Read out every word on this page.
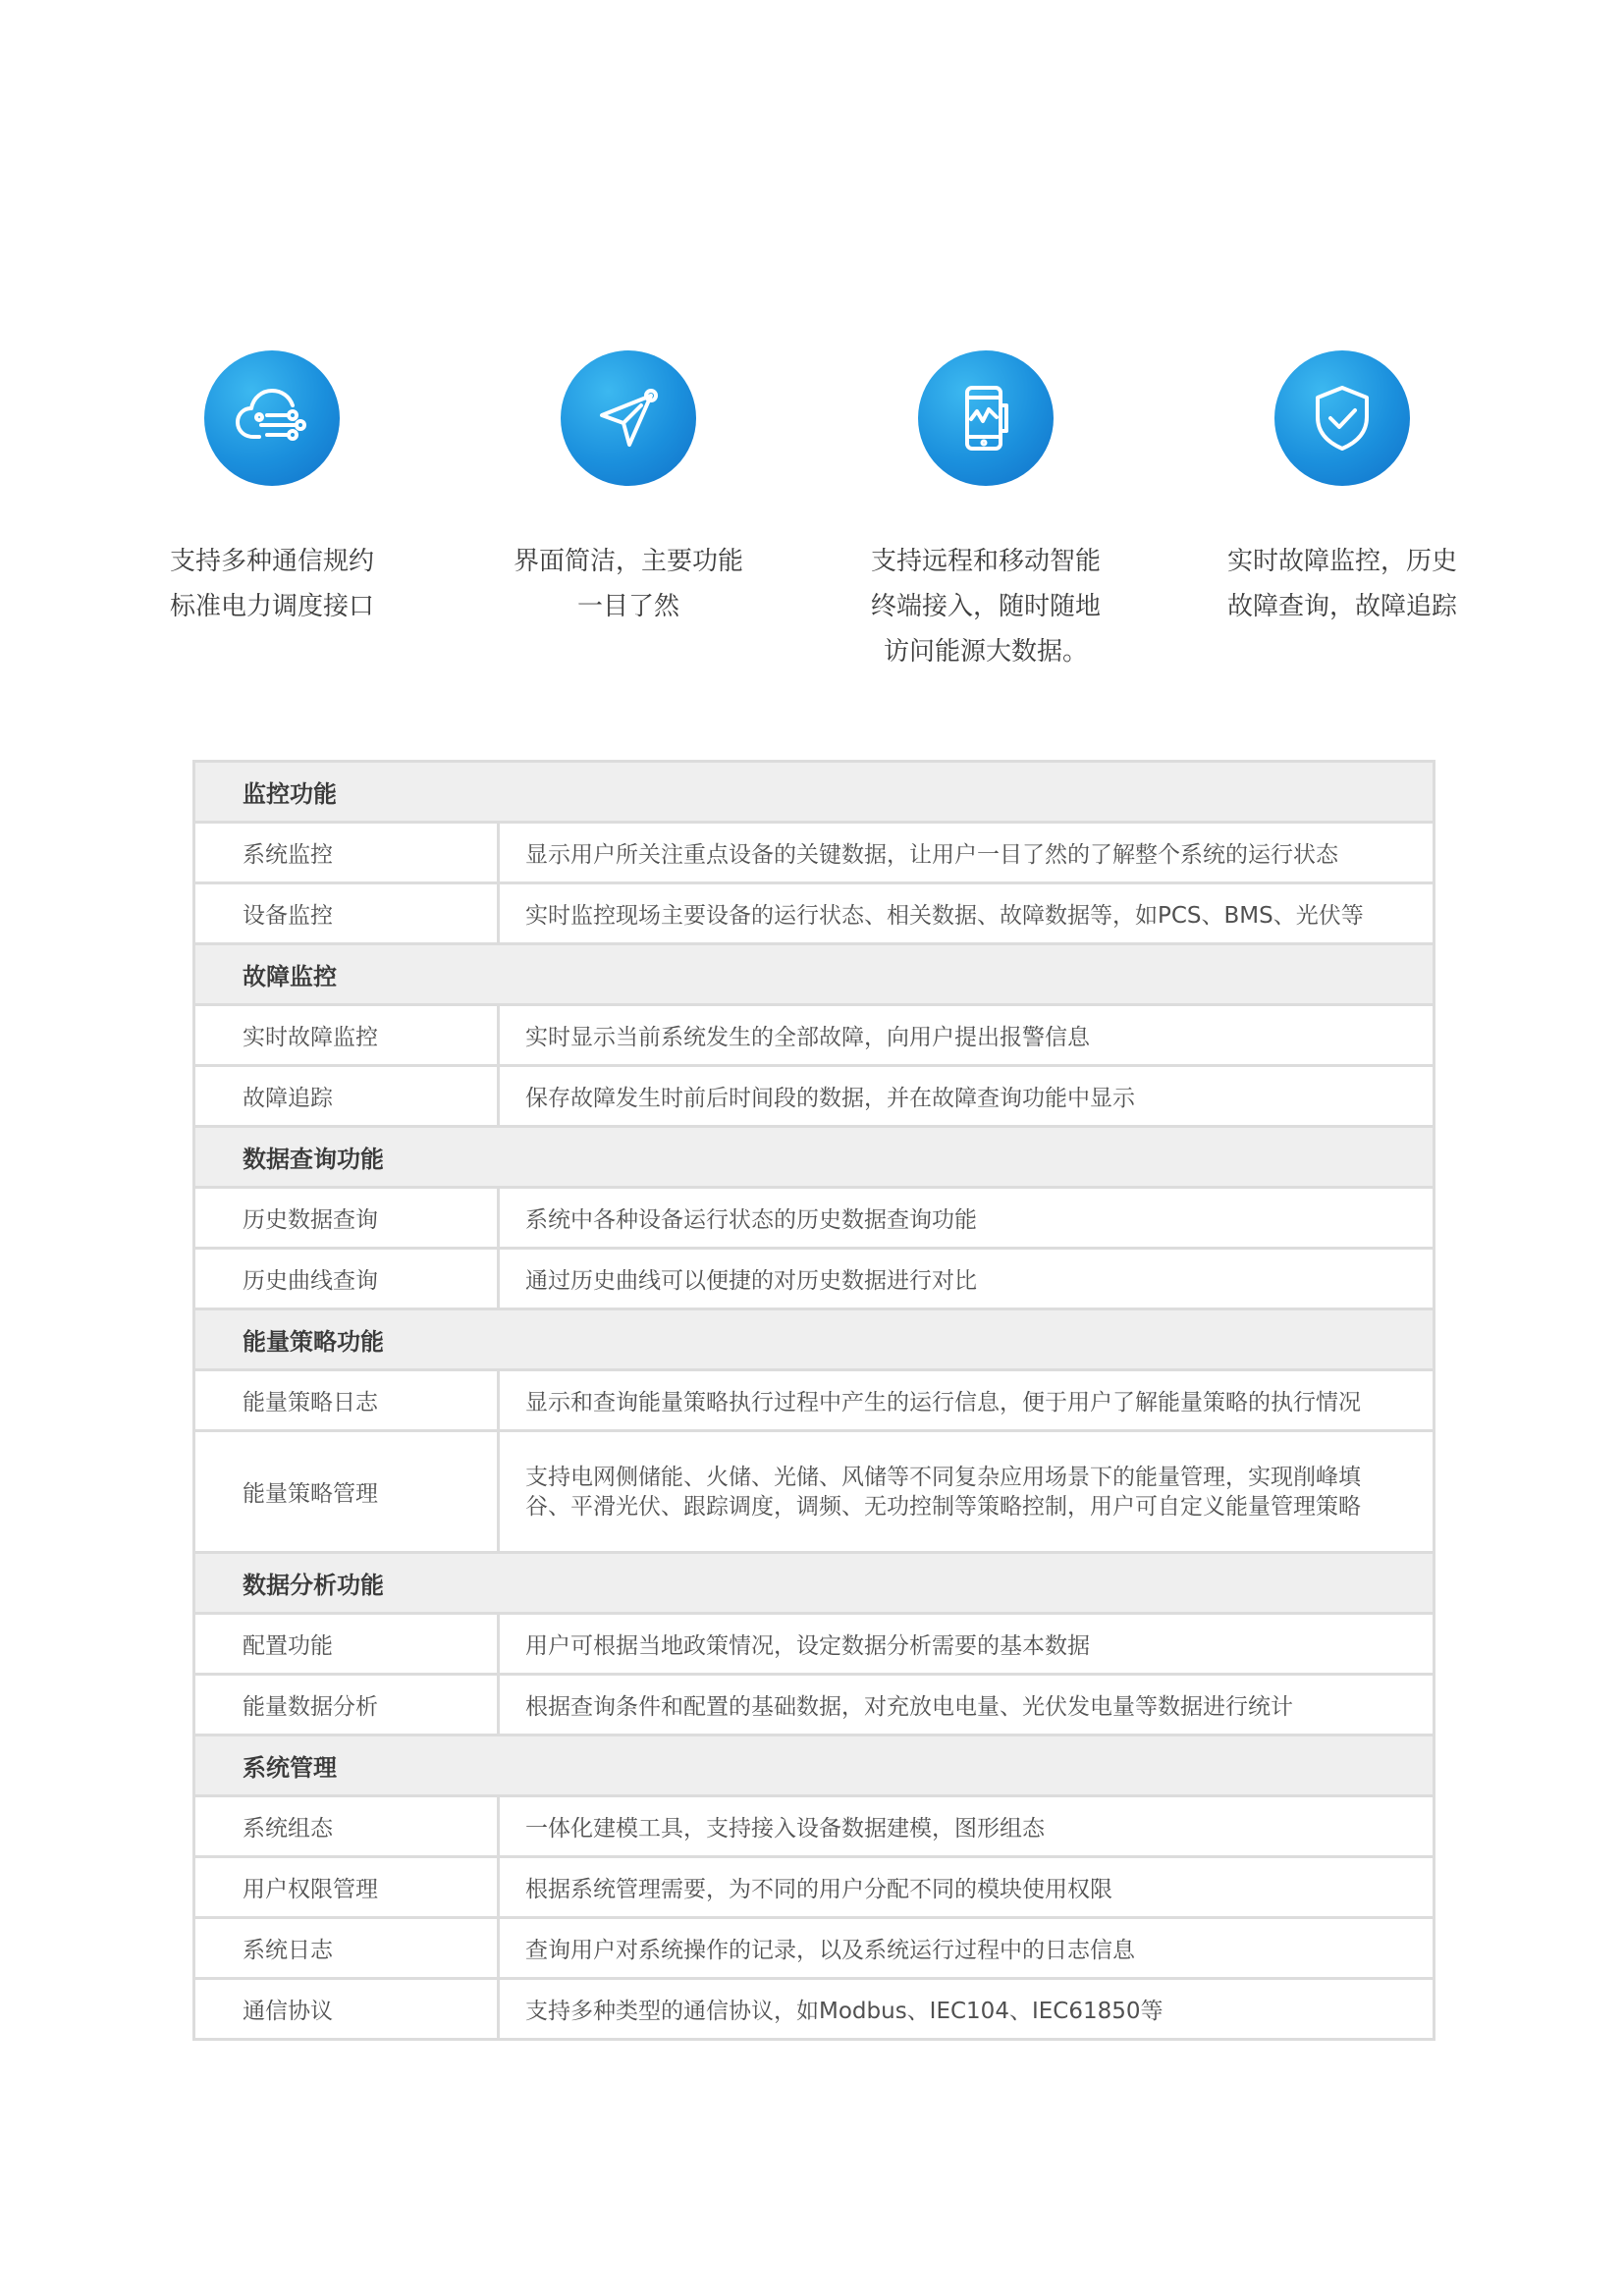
支持多种通信规约
标准电力调度接口
界面简洁，主要功能
一目了然
支持远程和移动智能
终端接入，随时随地
访问能源大数据。
实时故障监控，历史
故障查询，故障追踪
监控功能	
系统监控	显示用户所关注重点设备的关键数据，让用户一目了然的了解整个系统的运行状态
设备监控	实时监控现场主要设备的运行状态、相关数据、故障数据等，如PCS、BMS、光伏等
故障监控	
实时故障监控	实时显示当前系统发生的全部故障，向用户提出报警信息
故障追踪	保存故障发生时前后时间段的数据，并在故障查询功能中显示
数据查询功能	
历史数据查询	系统中各种设备运行状态的历史数据查询功能
历史曲线查询	通过历史曲线可以便捷的对历史数据进行对比
能量策略功能	
能量策略日志	显示和查询能量策略执行过程中产生的运行信息，便于用户了解能量策略的执行情况
能量策略管理	支持电网侧储能、火储、光储、风储等不同复杂应用场景下的能量管理，实现削峰填
谷、平滑光伏、跟踪调度，调频、无功控制等策略控制，用户可自定义能量管理策略

数据分析功能	
配置功能	用户可根据当地政策情况，设定数据分析需要的基本数据
能量数据分析	根据查询条件和配置的基础数据，对充放电电量、光伏发电量等数据进行统计
系统管理	
系统组态	一体化建模工具，支持接入设备数据建模，图形组态
用户权限管理	根据系统管理需要，为不同的用户分配不同的模块使用权限
系统日志	查询用户对系统操作的记录，以及系统运行过程中的日志信息
通信协议	支持多种类型的通信协议，如Modbus、IEC104、IEC61850等
